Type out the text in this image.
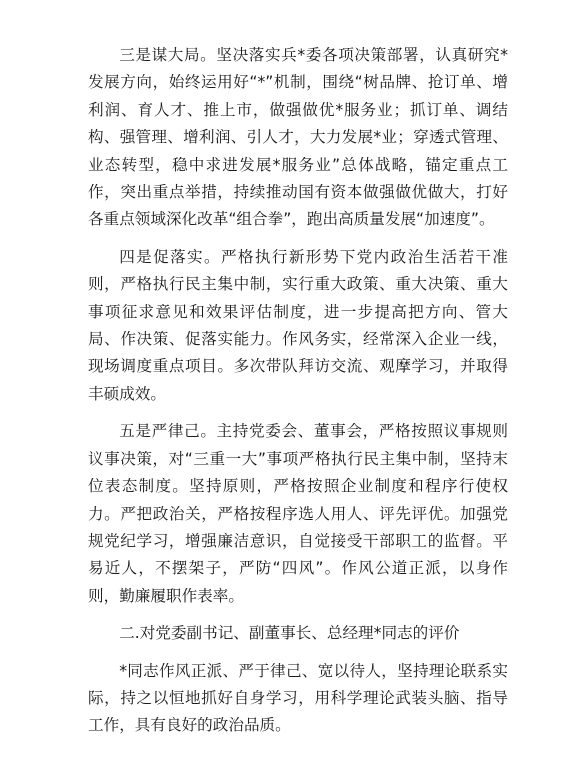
三是谋大局。坚决落实兵*委各项决策部署，认真研究*发展方向，始终运用好“*”机制，围绕“树品牌、抢订单、增利润、育人才、推上市，做强做优*服务业；抓订单、调结构、强管理、增利润、引人才，大力发展*业；穿透式管理、业态转型，稳中求进发展*服务业”总体战略，锚定重点工作，突出重点举措，持续推动国有资本做强做优做大，打好各重点领域深化改革“组合拳”，跑出高质量发展“加速度”。

四是促落实。严格执行新形势下党内政治生活若干准则，严格执行民主集中制，实行重大政策、重大决策、重大事项征求意见和效果评估制度，进一步提高把方向、管大局、作决策、促落实能力。作风务实，经常深入企业一线，现场调度重点项目。多次带队拜访交流、观摩学习，并取得丰硕成效。

五是严律己。主持党委会、董事会，严格按照议事规则议事决策，对“三重一大”事项严格执行民主集中制，坚持末位表态制度。坚持原则，严格按照企业制度和程序行使权力。严把政治关，严格按程序选人用人、评先评优。加强党规党纪学习，增强廉洁意识，自觉接受干部职工的监督。平易近人，不摆架子，严防“四风”。作风公道正派，以身作则，勤廉履职作表率。

二.对党委副书记、副董事长、总经理*同志的评价

*同志作风正派、严于律己、宽以待人，坚持理论联系实际，持之以恒地抓好自身学习，用科学理论武装头脑、指导工作，具有良好的政治品质。
